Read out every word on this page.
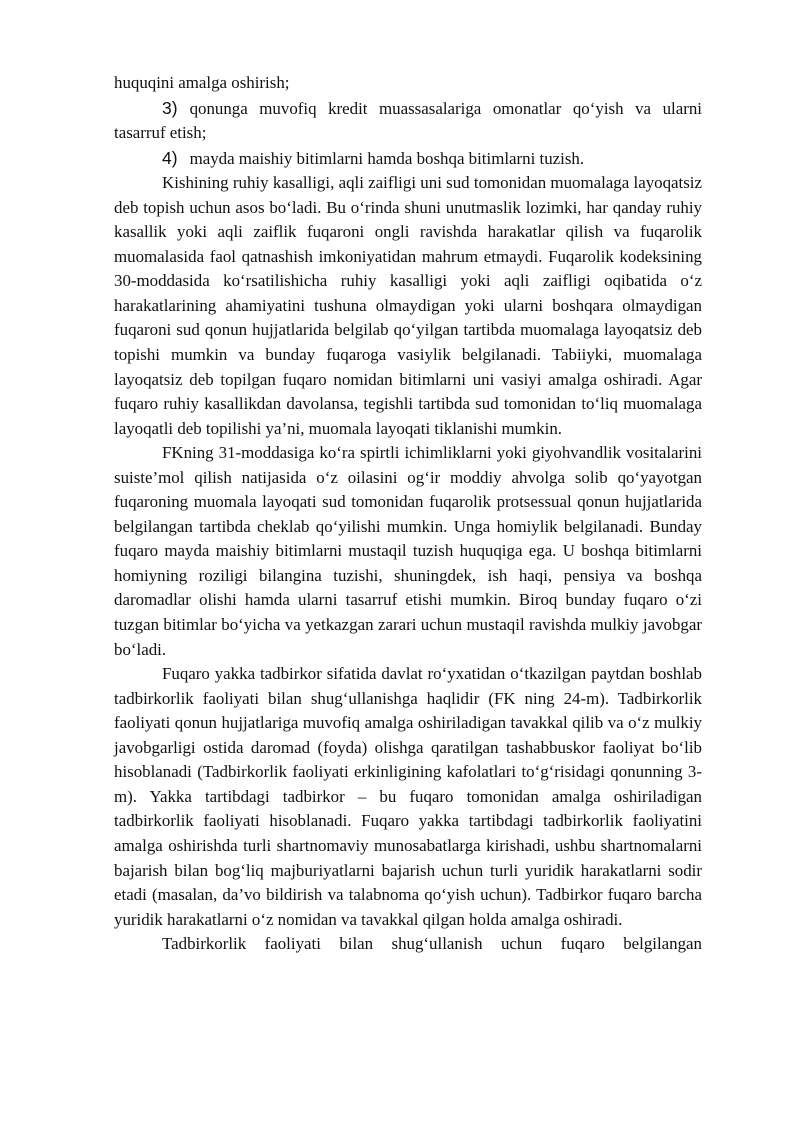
huquqini amalga oshirish;

3) qonunga muvofiq kredit muassasalariga omonatlar qo‘yish va ularni tasarruf etish;

4) mayda maishiy bitimlarni hamda boshqa bitimlarni tuzish.

Kishining ruhiy kasalligi, aqli zaifligi uni sud tomonidan muomalaga layoqatsiz deb topish uchun asos bo‘ladi. Bu o‘rinda shuni unutmaslik lozimki, har qanday ruhiy kasallik yoki aqli zaiflik fuqaroni ongli ravishda harakatlar qilish va fuqarolik muomalasida faol qatnashish imkoniyatidan mahrum etmaydi. Fuqarolik kodeksining 30-moddasida ko‘rsatilishicha ruhiy kasalligi yoki aqli zaifligi oqibatida o‘z harakatlarining ahamiyatini tushuna olmaydigan yoki ularni boshqara olmaydigan fuqaroni sud qonun hujjatlarida belgilab qo‘yilgan tartibda muomalaga layoqatsiz deb topishi mumkin va bunday fuqaroga vasiylik belgilanadi. Tabiiyki, muomalaga layoqatsiz deb topilgan fuqaro nomidan bitimlarni uni vasiyi amalga oshiradi. Agar fuqaro ruhiy kasallikdan davolansa, tegishli tartibda sud tomonidan to‘liq muomalaga layoqatli deb topilishi ya’ni, muomala layoqati tiklanishi mumkin.

FKning 31-moddasiga ko‘ra spirtli ichimliklarni yoki giyohvandlik vositalarini suiste’mol qilish natijasida o‘z oilasini og‘ir moddiy ahvolga solib qo‘yayotgan fuqaroning muomala layoqati sud tomonidan fuqarolik protsessual qonun hujjatlarida belgilangan tartibda cheklab qo‘yilishi mumkin. Unga homiylik belgilanadi. Bunday fuqaro mayda maishiy bitimlarni mustaqil tuzish huquqiga ega. U boshqa bitimlarni homiyning roziligi bilangina tuzishi, shuningdek, ish haqi, pensiya va boshqa daromadlar olishi hamda ularni tasarruf etishi mumkin. Biroq bunday fuqaro o‘zi tuzgan bitimlar bo‘yicha va yetkazgan zarari uchun mustaqil ravishda mulkiy javobgar bo‘ladi.

Fuqaro yakka tadbirkor sifatida davlat ro‘yxatidan o‘tkazilgan paytdan boshlab tadbirkorlik faoliyati bilan shug‘ullanishga haqlidir (FK ning 24-m). Tadbirkorlik faoliyati qonun hujjatlariga muvofiq amalga oshiriladigan tavakkal qilib va o‘z mulkiy javobgarligi ostida daromad (foyda) olishga qaratilgan tashabbuskor faoliyat bo‘lib hisoblanadi (Tadbirkorlik faoliyati erkinligining kafolatlari to‘g‘risidagi qonunning 3- m). Yakka tartibdagi tadbirkor – bu fuqaro tomonidan amalga oshiriladigan tadbirkorlik faoliyati hisoblanadi. Fuqaro yakka tartibdagi tadbirkorlik faoliyatini amalga oshirishda turli shartnomaviy munosabatlarga kirishadi, ushbu shartnomalarni bajarish bilan bog‘liq majburiyatlarni bajarish uchun turli yuridik harakatlarni sodir etadi (masalan, da’vo bildirish va talabnoma qo‘yish uchun). Tadbirkor fuqaro barcha yuridik harakatlarni o‘z nomidan va tavakkal qilgan holda amalga oshiradi.

Tadbirkorlik faoliyati bilan shug‘ullanish uchun fuqaro belgilangan
